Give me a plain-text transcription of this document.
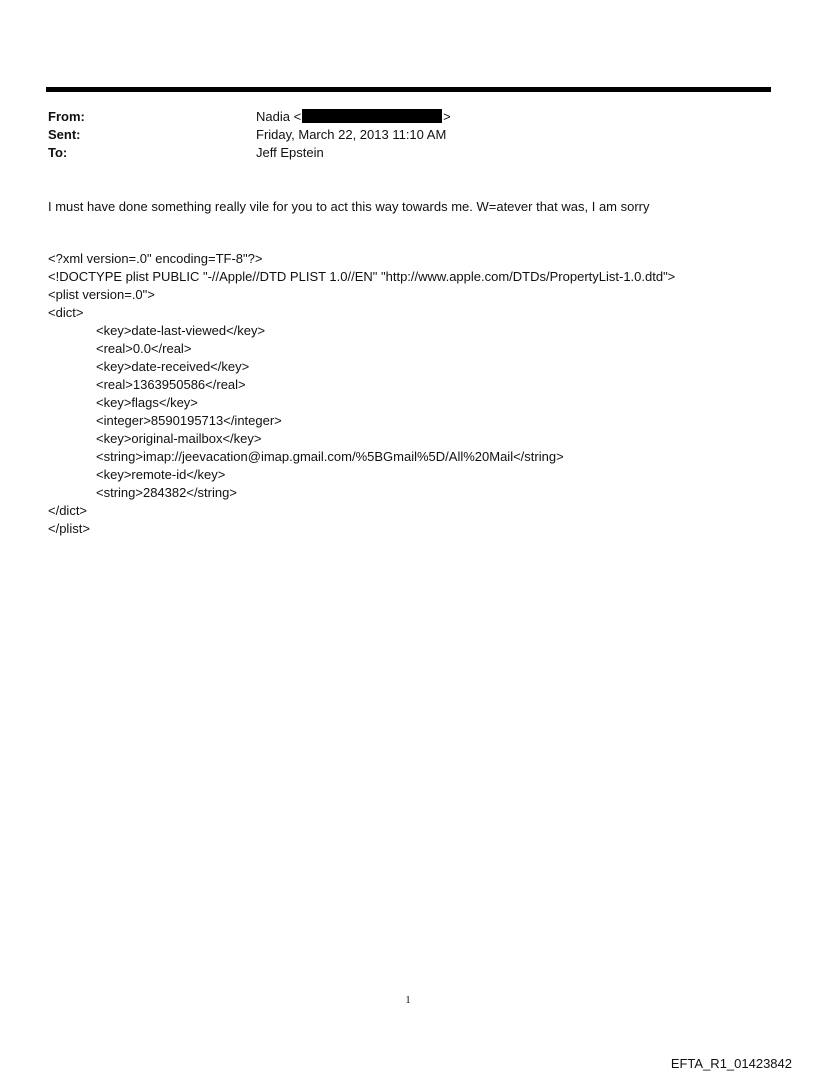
From:	Nadia <	>
Sent:	Friday, March 22, 2013 11:10 AM
To:	Jeff Epstein
I must have done something really vile for you to act this way towards me. W=atever that was, I am sorry
<?xml version=.0" encoding=TF-8"?>
<!DOCTYPE plist PUBLIC "-//Apple//DTD PLIST 1.0//EN" "http://www.apple.com/DTDs/PropertyList-1.0.dtd">
<plist version=.0">
<dict>
<key>date-last-viewed</key>
<real>0.0</real>
<key>date-received</key>
<real>1363950586</real>
<key>flags</key>
<integer>8590195713</integer>
<key>original-mailbox</key>
<string>imap://jeevacation@imap.gmail.com/%5BGmail%5D/All%20Mail</string>
<key>remote-id</key>
<string>284382</string>
</dict>
</plist>
1
EFTA_R1_01423842
